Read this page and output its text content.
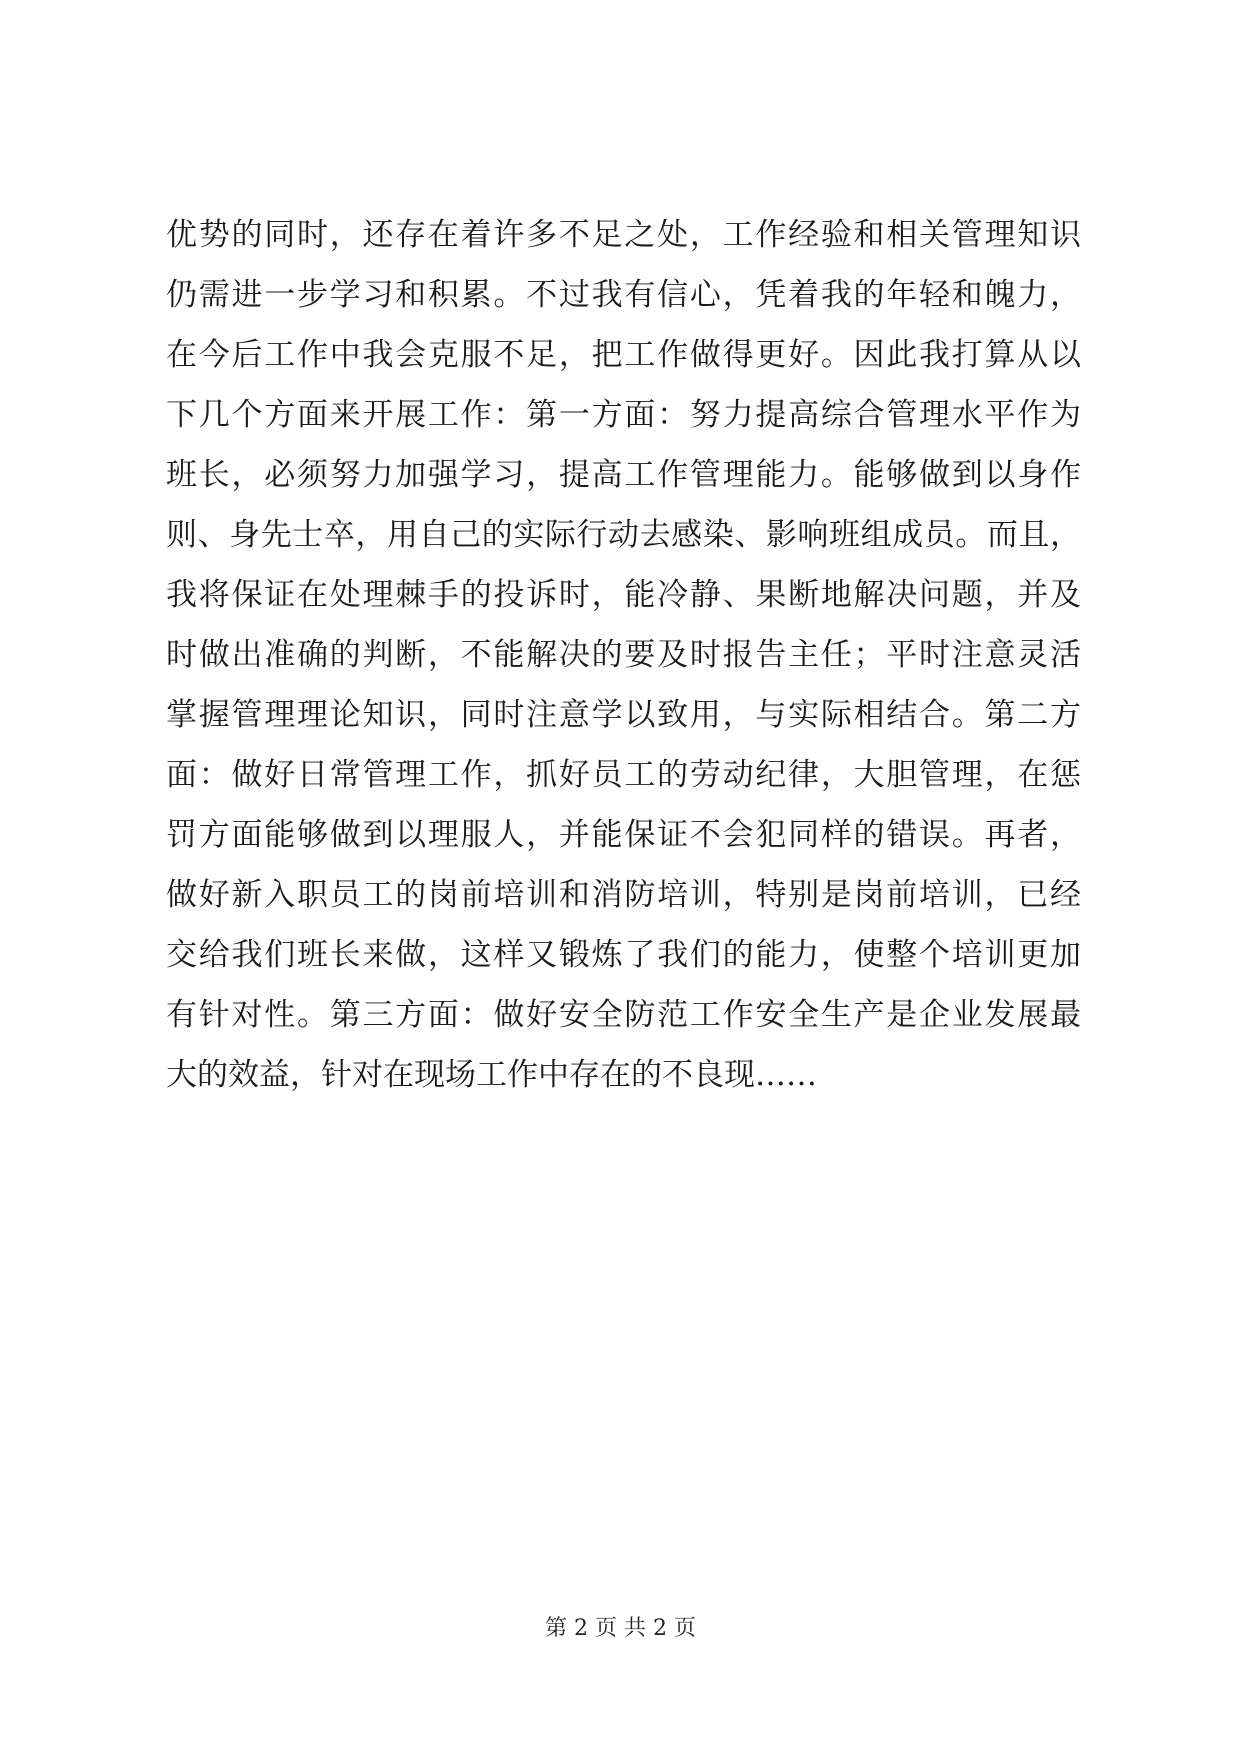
优势的同时，还存在着许多不足之处，工作经验和相关管理知识
仍需进一步学习和积累。不过我有信心，凭着我的年轻和魄力，
在今后工作中我会克服不足，把工作做得更好。因此我打算从以
下几个方面来开展工作：第一方面：努力提高综合管理水平作为
班长，必须努力加强学习，提高工作管理能力。能够做到以身作
则、身先士卒，用自己的实际行动去感染、影响班组成员。而且，
我将保证在处理棘手的投诉时，能冷静、果断地解决问题，并及
时做出准确的判断，不能解决的要及时报告主任；平时注意灵活
掌握管理理论知识，同时注意学以致用，与实际相结合。第二方
面：做好日常管理工作，抓好员工的劳动纪律，大胆管理，在惩
罚方面能够做到以理服人，并能保证不会犯同样的错误。再者，
做好新入职员工的岗前培训和消防培训，特别是岗前培训，已经
交给我们班长来做，这样又锻炼了我们的能力，使整个培训更加
有针对性。第三方面：做好安全防范工作安全生产是企业发展最
大的效益，针对在现场工作中存在的不良现……
第 2 页 共 2 页
